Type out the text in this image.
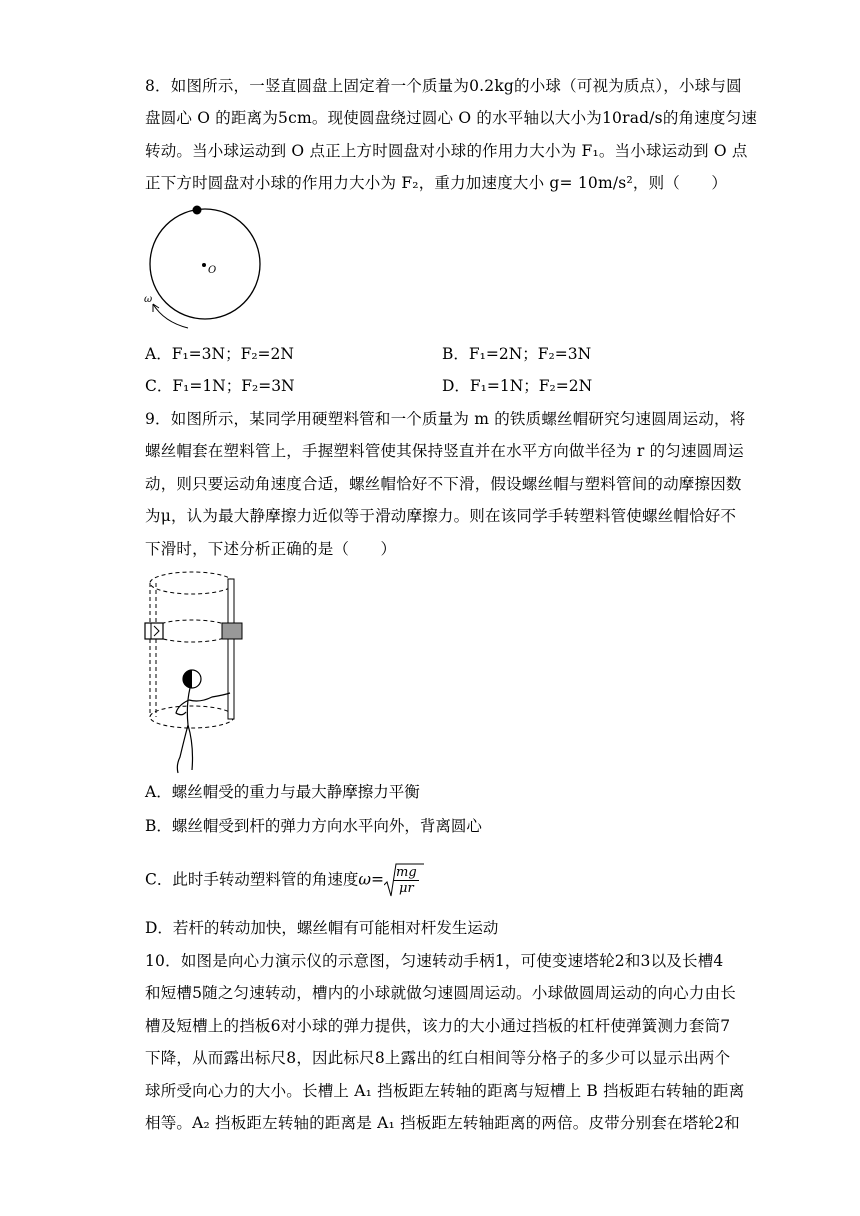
8．如图所示，一竖直圆盘上固定着一个质量为0.2kg的小球（可视为质点），小球与圆
盘圆心 O 的距离为5cm。现使圆盘绕过圆心 O 的水平轴以大小为10rad/s的角速度匀速
转动。当小球运动到 O 点正上方时圆盘对小球的作用力大小为 F₁。当小球运动到 O 点
正下方时圆盘对小球的作用力大小为 F₂，重力加速度大小 g= 10m/s²，则（　　）
O
ω
A．F₁=3N；F₂=2N	B．F₁=2N；F₂=3N
C．F₁=1N；F₂=3N	D．F₁=1N；F₂=2N
9．如图所示，某同学用硬塑料管和一个质量为 m 的铁质螺丝帽研究匀速圆周运动，将
螺丝帽套在塑料管上，手握塑料管使其保持竖直并在水平方向做半径为 r 的匀速圆周运
动，则只要运动角速度合适，螺丝帽恰好不下滑，假设螺丝帽与塑料管间的动摩擦因数
为μ，认为最大静摩擦力近似等于滑动摩擦力。则在该同学手转塑料管使螺丝帽恰好不
下滑时，下述分析正确的是（　　）
A．螺丝帽受的重力与最大静摩擦力平衡
B．螺丝帽受到杆的弹力方向水平向外，背离圆心
C．此时手转动塑料管的角速度$\omega= \frac{mg}{\mu r}$
D．若杆的转动加快，螺丝帽有可能相对杆发生运动
10．如图是向心力演示仪的示意图，匀速转动手柄1，可使变速塔轮2和3以及长槽4
和短槽5随之匀速转动，槽内的小球就做匀速圆周运动。小球做圆周运动的向心力由长
槽及短槽上的挡板6对小球的弹力提供，该力的大小通过挡板的杠杆使弹簧测力套筒7
下降，从而露出标尺8，因此标尺8上露出的红白相间等分格子的多少可以显示出两个
球所受向心力的大小。长槽上 A₁ 挡板距左转轴的距离与短槽上 B 挡板距右转轴的距离
相等。A₂ 挡板距左转轴的距离是 A₁ 挡板距左转轴距离的两倍。皮带分别套在塔轮2和
